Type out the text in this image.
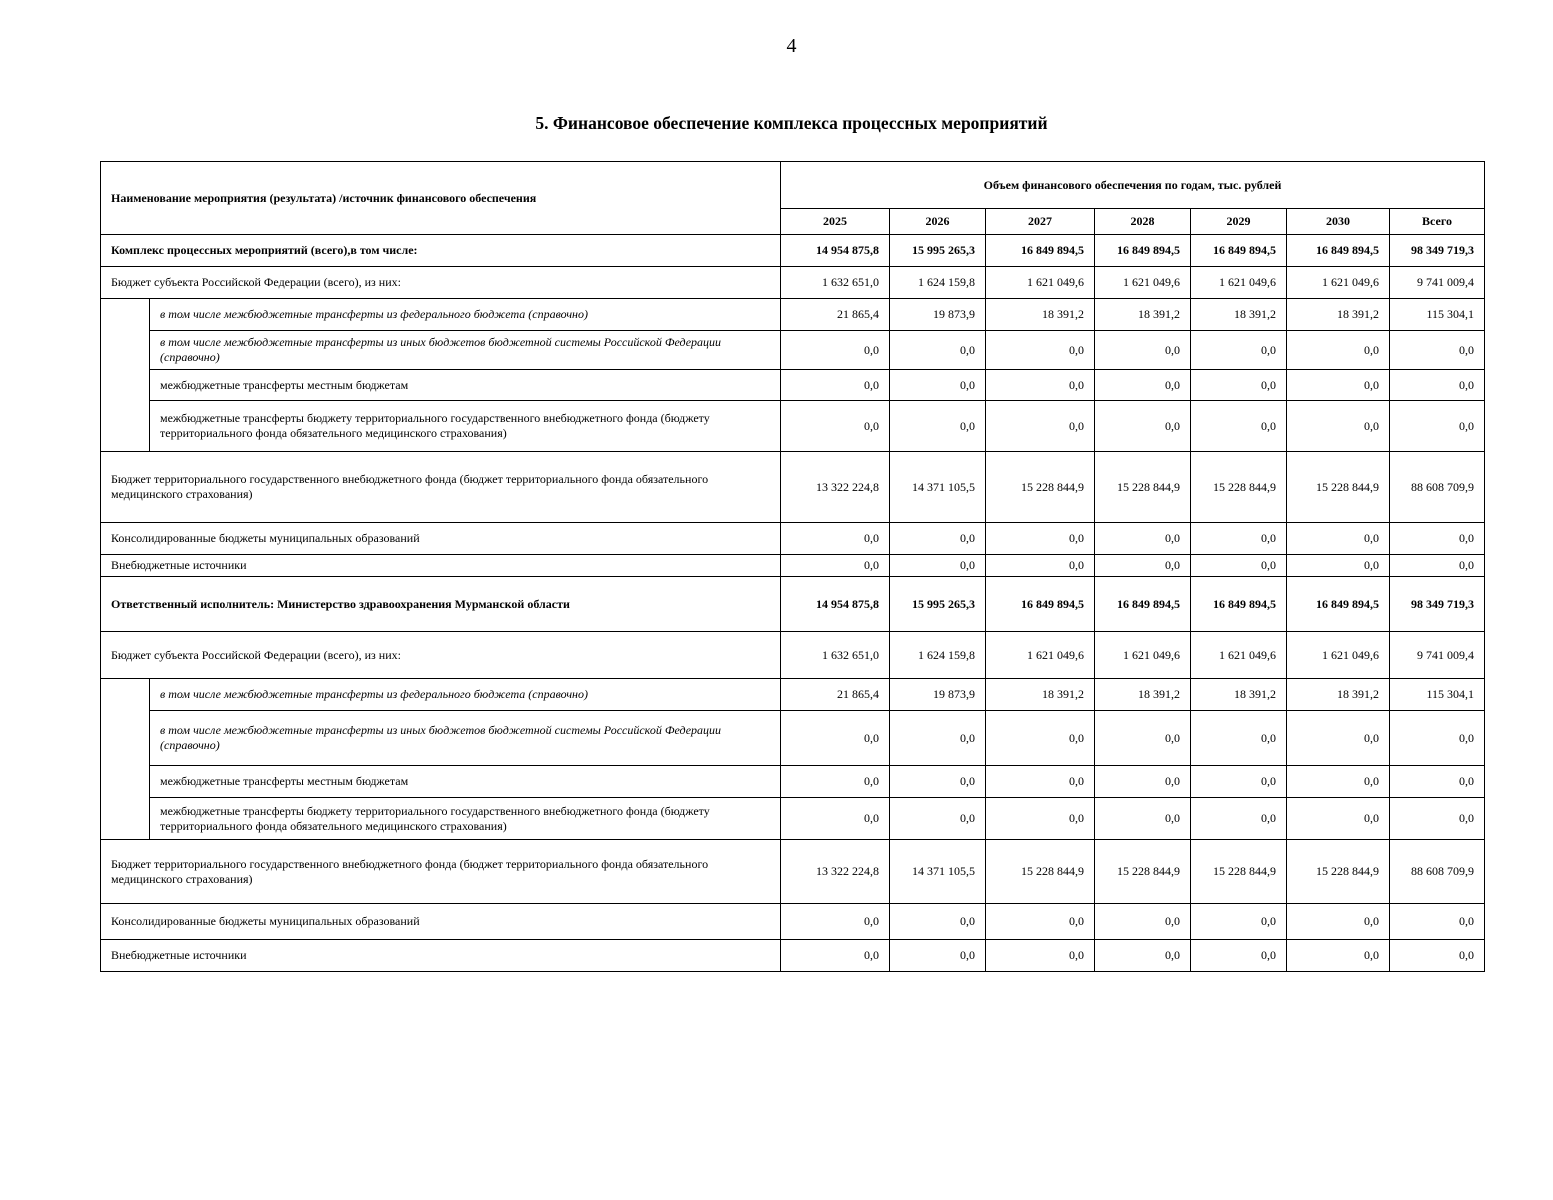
4
5. Финансовое обеспечение комплекса процессных мероприятий
Наименование мероприятия (результата) /источник финансового обеспечения		Объем финансового обеспечения по годам, тыс. рублей						
		2025	2026	2027	2028	2029	2030	Всего
Комплекс процессных мероприятий (всего),в том числе:		14 954 875,8	15 995 265,3	16 849 894,5	16 849 894,5	16 849 894,5	16 849 894,5	98 349 719,3
Бюджет субъекта Российской Федерации (всего), из них:		1 632 651,0	1 624 159,8	1 621 049,6	1 621 049,6	1 621 049,6	1 621 049,6	9 741 009,4
	в том числе межбюджетные трансферты из федерального бюджета (справочно)	21 865,4	19 873,9	18 391,2	18 391,2	18 391,2	18 391,2	115 304,1
	в том числе межбюджетные трансферты из иных бюджетов бюджетной системы Российской Федерации (справочно)	0,0	0,0	0,0	0,0	0,0	0,0	0,0
	межбюджетные трансферты местным бюджетам	0,0	0,0	0,0	0,0	0,0	0,0	0,0
	межбюджетные трансферты бюджету территориального государственного внебюджетного фонда (бюджету территориального фонда обязательного медицинского страхования)	0,0	0,0	0,0	0,0	0,0	0,0	0,0
Бюджет территориального государственного внебюджетного фонда (бюджет территориального фонда обязательного медицинского страхования)		13 322 224,8	14 371 105,5	15 228 844,9	15 228 844,9	15 228 844,9	15 228 844,9	88 608 709,9
Консолидированные бюджеты муниципальных образований		0,0	0,0	0,0	0,0	0,0	0,0	0,0
Внебюджетные источники		0,0	0,0	0,0	0,0	0,0	0,0	0,0
Ответственный исполнитель: Министерство здравоохранения Мурманской области		14 954 875,8	15 995 265,3	16 849 894,5	16 849 894,5	16 849 894,5	16 849 894,5	98 349 719,3
Бюджет субъекта Российской Федерации (всего), из них:		1 632 651,0	1 624 159,8	1 621 049,6	1 621 049,6	1 621 049,6	1 621 049,6	9 741 009,4
	в том числе межбюджетные трансферты из федерального бюджета (справочно)	21 865,4	19 873,9	18 391,2	18 391,2	18 391,2	18 391,2	115 304,1
	в том числе межбюджетные трансферты из иных бюджетов бюджетной системы Российской Федерации (справочно)	0,0	0,0	0,0	0,0	0,0	0,0	0,0
	межбюджетные трансферты местным бюджетам	0,0	0,0	0,0	0,0	0,0	0,0	0,0
	межбюджетные трансферты бюджету территориального государственного внебюджетного фонда (бюджету территориального фонда обязательного медицинского страхования)	0,0	0,0	0,0	0,0	0,0	0,0	0,0
Бюджет территориального государственного внебюджетного фонда (бюджет территориального фонда обязательного медицинского страхования)		13 322 224,8	14 371 105,5	15 228 844,9	15 228 844,9	15 228 844,9	15 228 844,9	88 608 709,9
Консолидированные бюджеты муниципальных образований		0,0	0,0	0,0	0,0	0,0	0,0	0,0
Внебюджетные источники		0,0	0,0	0,0	0,0	0,0	0,0	0,0
